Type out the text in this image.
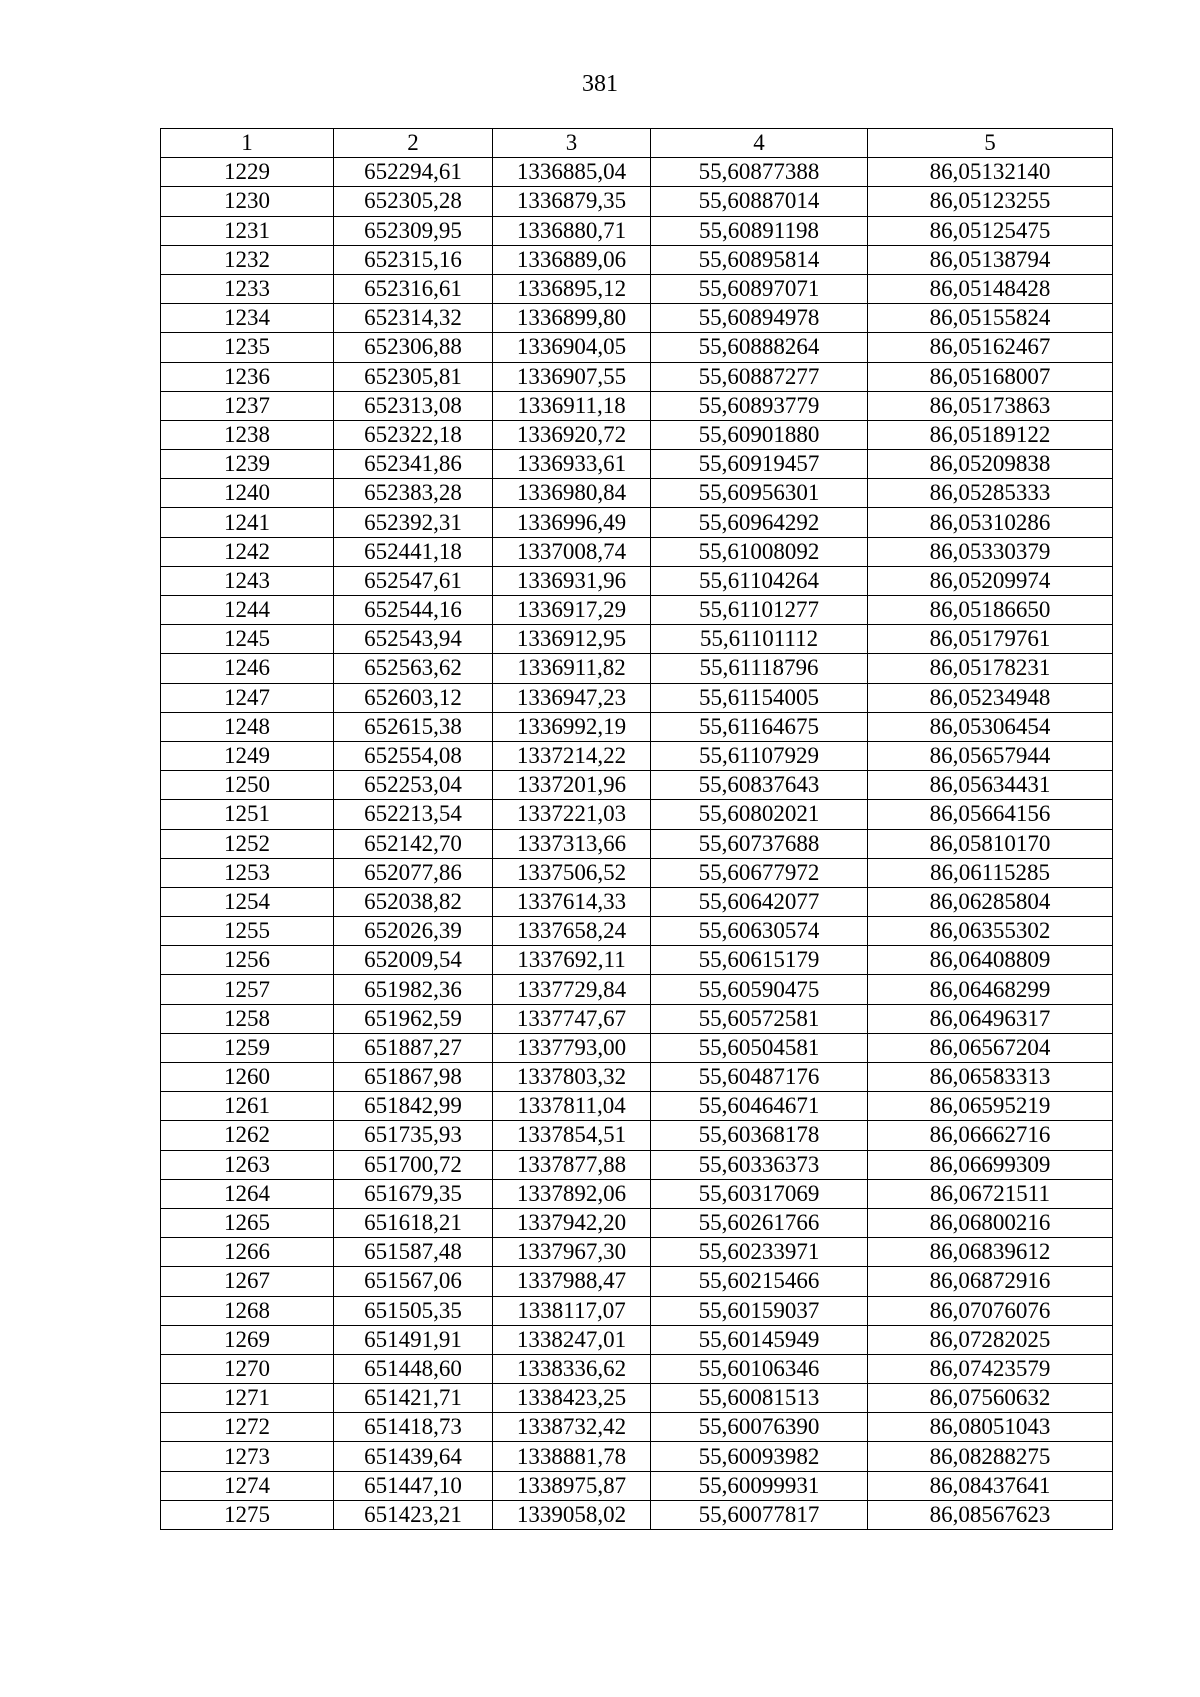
381
1	2	3	4	5
1229	652294,61	1336885,04	55,60877388	86,05132140
1230	652305,28	1336879,35	55,60887014	86,05123255
1231	652309,95	1336880,71	55,60891198	86,05125475
1232	652315,16	1336889,06	55,60895814	86,05138794
1233	652316,61	1336895,12	55,60897071	86,05148428
1234	652314,32	1336899,80	55,60894978	86,05155824
1235	652306,88	1336904,05	55,60888264	86,05162467
1236	652305,81	1336907,55	55,60887277	86,05168007
1237	652313,08	1336911,18	55,60893779	86,05173863
1238	652322,18	1336920,72	55,60901880	86,05189122
1239	652341,86	1336933,61	55,60919457	86,05209838
1240	652383,28	1336980,84	55,60956301	86,05285333
1241	652392,31	1336996,49	55,60964292	86,05310286
1242	652441,18	1337008,74	55,61008092	86,05330379
1243	652547,61	1336931,96	55,61104264	86,05209974
1244	652544,16	1336917,29	55,61101277	86,05186650
1245	652543,94	1336912,95	55,61101112	86,05179761
1246	652563,62	1336911,82	55,61118796	86,05178231
1247	652603,12	1336947,23	55,61154005	86,05234948
1248	652615,38	1336992,19	55,61164675	86,05306454
1249	652554,08	1337214,22	55,61107929	86,05657944
1250	652253,04	1337201,96	55,60837643	86,05634431
1251	652213,54	1337221,03	55,60802021	86,05664156
1252	652142,70	1337313,66	55,60737688	86,05810170
1253	652077,86	1337506,52	55,60677972	86,06115285
1254	652038,82	1337614,33	55,60642077	86,06285804
1255	652026,39	1337658,24	55,60630574	86,06355302
1256	652009,54	1337692,11	55,60615179	86,06408809
1257	651982,36	1337729,84	55,60590475	86,06468299
1258	651962,59	1337747,67	55,60572581	86,06496317
1259	651887,27	1337793,00	55,60504581	86,06567204
1260	651867,98	1337803,32	55,60487176	86,06583313
1261	651842,99	1337811,04	55,60464671	86,06595219
1262	651735,93	1337854,51	55,60368178	86,06662716
1263	651700,72	1337877,88	55,60336373	86,06699309
1264	651679,35	1337892,06	55,60317069	86,06721511
1265	651618,21	1337942,20	55,60261766	86,06800216
1266	651587,48	1337967,30	55,60233971	86,06839612
1267	651567,06	1337988,47	55,60215466	86,06872916
1268	651505,35	1338117,07	55,60159037	86,07076076
1269	651491,91	1338247,01	55,60145949	86,07282025
1270	651448,60	1338336,62	55,60106346	86,07423579
1271	651421,71	1338423,25	55,60081513	86,07560632
1272	651418,73	1338732,42	55,60076390	86,08051043
1273	651439,64	1338881,78	55,60093982	86,08288275
1274	651447,10	1338975,87	55,60099931	86,08437641
1275	651423,21	1339058,02	55,60077817	86,08567623
